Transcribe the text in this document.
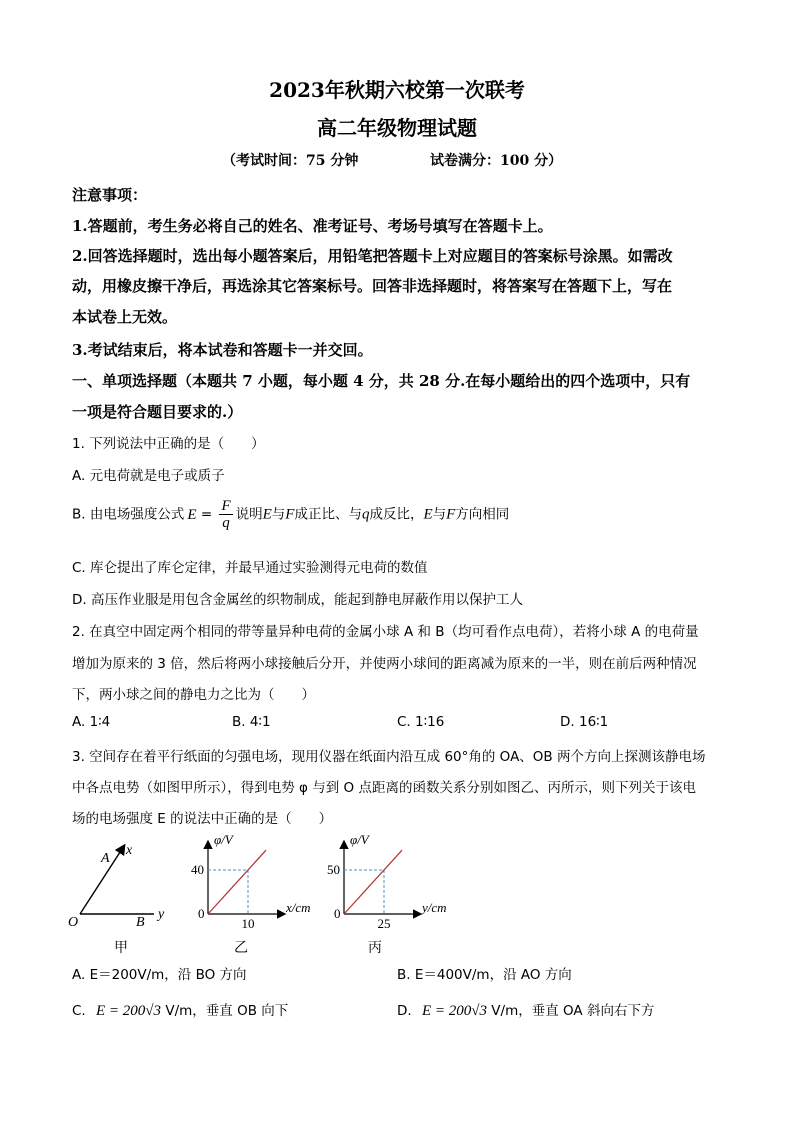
2023年秋期六校第一次联考
高二年级物理试题
（考试时间：75 分钟	试卷满分：100 分）
注意事项：
1.答题前，考生务必将自己的姓名、准考证号、考场号填写在答题卡上。
2.回答选择题时，选出每小题答案后，用铅笔把答题卡上对应题目的答案标号涂黑。如需改
动，用橡皮擦干净后，再选涂其它答案标号。回答非选择题时，将答案写在答题下上，写在
本试卷上无效。
3.考试结束后，将本试卷和答题卡一并交回。
一、单项选择题（本题共 7 小题，每小题 4 分，共 28 分.在每小题给出的四个选项中，只有
一项是符合题目要求的.）
1. 下列说法中正确的是（　　）
A. 元电荷就是电子或质子
B. 由电场强度公式 $E = \frac{F}{q}$ 说明E与F成正比、与q成反比，E与F方向相同
C. 库仑提出了库仑定律，并最早通过实验测得元电荷的数值
D. 高压作业服是用包含金属丝的织物制成，能起到静电屏蔽作用以保护工人
2. 在真空中固定两个相同的带等量异种电荷的金属小球 A 和 B（均可看作点电荷），若将小球 A 的电荷量
增加为原来的 3 倍，然后将两小球接触后分开，并使两小球间的距离减为原来的一半，则在前后两种情况
下，两小球之间的静电力之比为（　　）
A. 1∶4	B. 4∶1	C. 1∶16	D. 16∶1
3. 空间存在着平行纸面的匀强电场，现用仪器在纸面内沿互成 60°角的 OA、OB 两个方向上探测该静电场
中各点电势（如图甲所示），得到电势 φ 与到 O 点距离的函数关系分别如图乙、丙所示，则下列关于该电
场的电场强度 E 的说法中正确的是（　　）
A
x
O	B
y
甲
φ/V
x/cm
0
40
10
乙
φ/V
y/cm
0
50
25
丙
A. E＝200V/m，沿 BO 方向	B. E＝400V/m，沿 AO 方向
C. E = 200√3 V/m，垂直 OB 向下	D. E = 200√3 V/m，垂直 OA 斜向右下方
